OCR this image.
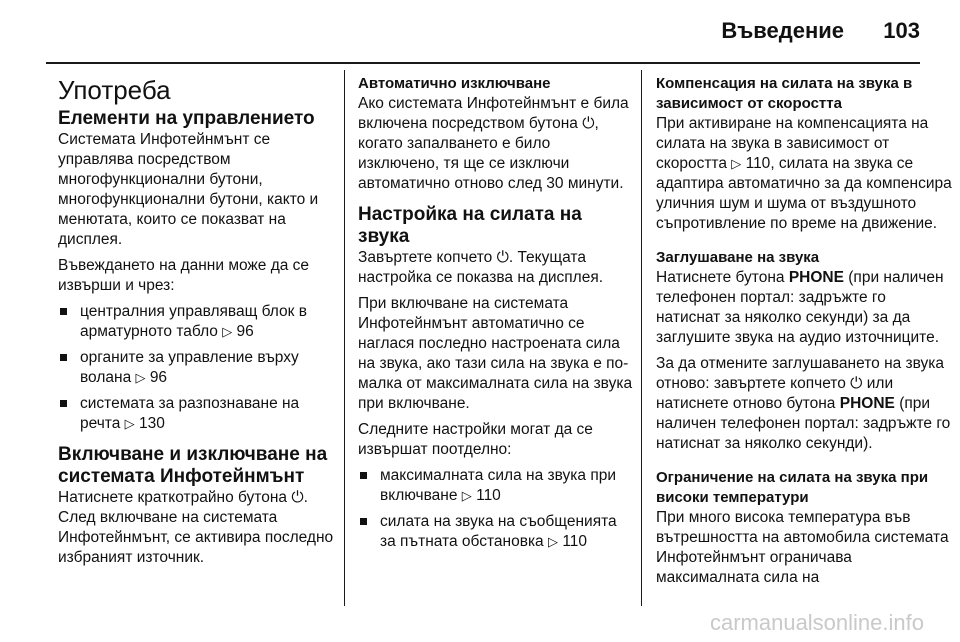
Въведение 103
Употреба
Елементи на управлението

Системата Инфотейнмънт се управлява посредством многофункционални бутони, многофункционални бутони, както и менютата, които се показват на дисплея.

Въвеждането на данни може да се извърши и чрез:

централния управляващ блок в арматурното табло ▷ 96
органите за управление върху волана ▷ 96
системата за разпознаване на речта ▷ 130
Включване и изключване на системата Инфотейнмънт

Натиснете краткотрайно бутона ⏻. След включване на системата Инфотейнмънт, се активира последно избраният източник.

Автоматично изключване

Ако системата Инфотейнмънт е била включена посредством бутона ⏻, когато запалването е било изключено, тя ще се изключи автоматично отново след 30 минути.

Настройка на силата на звука

Завъртете копчето ⏻. Текущата настройка се показва на дисплея.

При включване на системата Инфотейнмънт автоматично се наглася последно настроената сила на звука, ако тази сила на звука е по-малка от максималната сила на звука при включване.

Следните настройки могат да се извършат поотделно:

максималната сила на звука при включване ▷ 110
силата на звука на съобщенията за пътната обстановка ▷ 110
Компенсация на силата на звука в зависимост от скоростта

При активиране на компенсацията на силата на звука в зависимост от скоростта ▷ 110, силата на звука се адаптира автоматично за да компенсира уличния шум и шума от въздушното съпротивление по време на движение.

Заглушаване на звука

Натиснете бутона PHONE (при наличен телефонен портал: задръжте го натиснат за няколко секунди) за да заглушите звука на аудио източниците.

За да отмените заглушаването на звука отново: завъртете копчето ⏻ или натиснете отново бутона PHONE (при наличен телефонен портал: задръжте го натиснат за няколко секунди).

Ограничение на силата на звука при високи температури

При много висока температура във вътрешността на автомобила системата Инфотейнмънт ограничава максималната сила на

carmanualsonline.info
